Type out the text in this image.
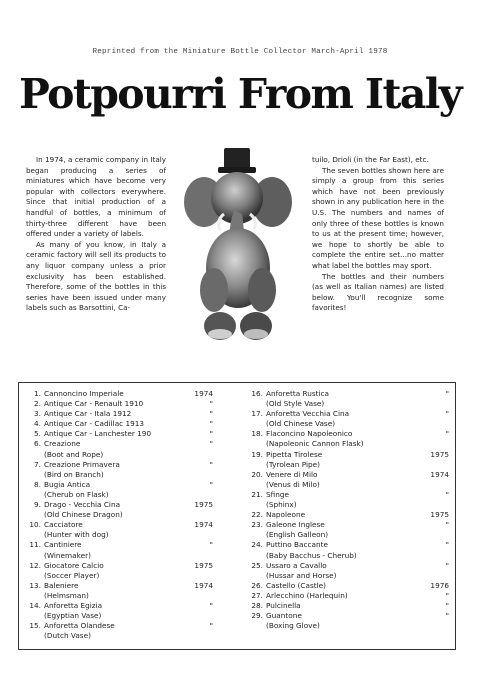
Reprinted from the Miniature Bottle Collector March-April 1978
Potpourri From Italy

In 1974, a ceramic company in Italy began producing a series of miniatures which have become very popular with collectors everywhere. Since that initial production of a handful of bottles, a minimum of thirty-three different have been offered under a variety of labels.

As many of you know, in Italy a ceramic factory will sell its products to any liquor company unless a prior exclusivity has been established. Therefore, some of the bottles in this series have been issued under many labels such as Barsottini, Ca-

tuilo, Drioli (in the Far East), etc.

The seven bottles shown here are simply a group from this series which have not been previously shown in any publication here in the U.S. The numbers and names of only three of these bottles is known to us at the present time; however, we hope to shortly be able to complete the entire set...no matter what label the bottles may sport.

The bottles and their numbers (as well as Italian names) are listed below. You'll recognize some favorites!

1. Cannoncino Imperiale	1974
2. Antique Car - Renault 1910	"
3. Antique Car - Itala 1912	"
4. Antique Car - Cadillac 1913	"
5. Antique Car - Lanchester 190	"
6. Creazione	"
(Boot and Rope)
7. Creazione Primavera	"
(Bird on Branch)
8. Bugia Antica	"
(Cherub on Flask)
9. Drago - Vecchia Cina	1975
(Old Chinese Dragon)
10. Cacciatore	1974
(Hunter with dog)
11. Cantiniere	"
(Winemaker)
12. Giocatore Calcio	1975
(Soccer Player)
13. Baleniere	1974
(Helmsman)
14. Anforetta Egizia	"
(Egyptian Vase)
15. Anforetta Olandese	"
(Dutch Vase)
16. Anforetta Rustica	"
(Old Style Vase)
17. Anforetta Vecchia Cina	"
(Old Chinese Vase)
18. Flaconcino Napoleonico	"
(Napoleonic Cannon Flask)
19. Pipetta Tirolese	1975
(Tyrolean Pipe)
20. Venere di Milo	1974
(Venus di Milo)
21. Sfinge	"
(Sphinx)
22. Napoleone	1975
23. Galeone Inglese	"
(English Galleon)
24. Puttino Baccante	"
(Baby Bacchus - Cherub)
25. Ussaro a Cavallo	"
(Hussar and Horse)
26. Castello (Castle)	1976
27. Arlecchino (Harlequin)	"
28. Pulcinella	"
29. Guantone	"
(Boxing Glove)
